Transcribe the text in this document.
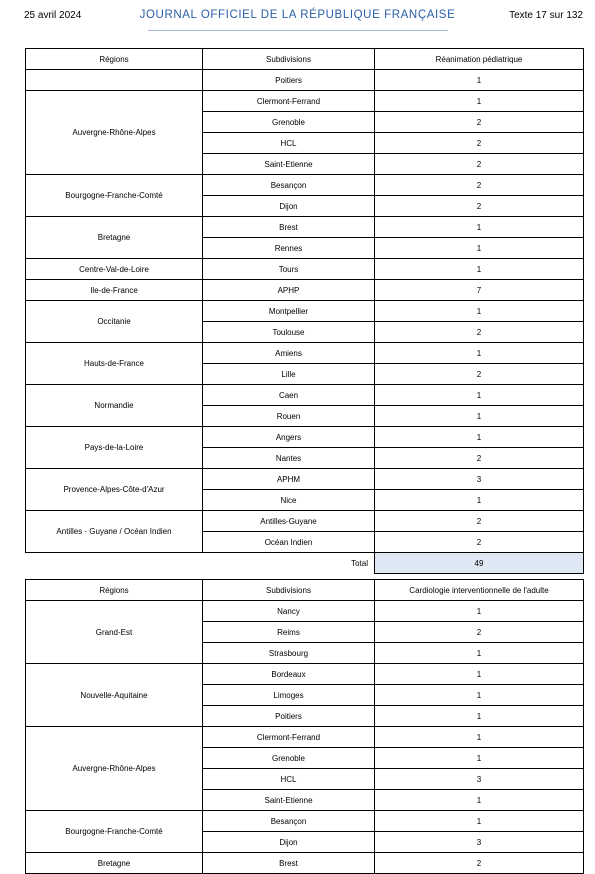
25 avril 2024	JOURNAL OFFICIEL DE LA RÉPUBLIQUE FRANÇAISE	Texte 17 sur 132
Régions	Subdivisions	Réanimation pédiatrique
	Poitiers	1
Auvergne-Rhône-Alpes	Clermont-Ferrand	1
	Grenoble	2
	HCL	2
	Saint-Etienne	2
Bourgogne-Franche-Comté	Besançon	2
	Dijon	2
Bretagne	Brest	1
	Rennes	1
Centre-Val-de-Loire	Tours	1
Ile-de-France	APHP	7
Occitanie	Montpellier	1
	Toulouse	2
Hauts-de-France	Amiens	1
	Lille	2
Normandie	Caen	1
	Rouen	1
Pays-de-la-Loire	Angers	1
	Nantes	2
Provence-Alpes-Côte-d'Azur	APHM	3
	Nice	1
Antilles - Guyane / Océan Indien	Antilles-Guyane	2
	Océan Indien	2
	Total	49
Régions	Subdivisions	Cardiologie interventionnelle de l'adulte
Grand-Est	Nancy	1
	Reims	2
	Strasbourg	1
Nouvelle-Aquitaine	Bordeaux	1
	Limoges	1
	Poitiers	1
Auvergne-Rhône-Alpes	Clermont-Ferrand	1
	Grenoble	1
	HCL	3
	Saint-Etienne	1
Bourgogne-Franche-Comté	Besançon	1
	Dijon	3
Bretagne	Brest	2
